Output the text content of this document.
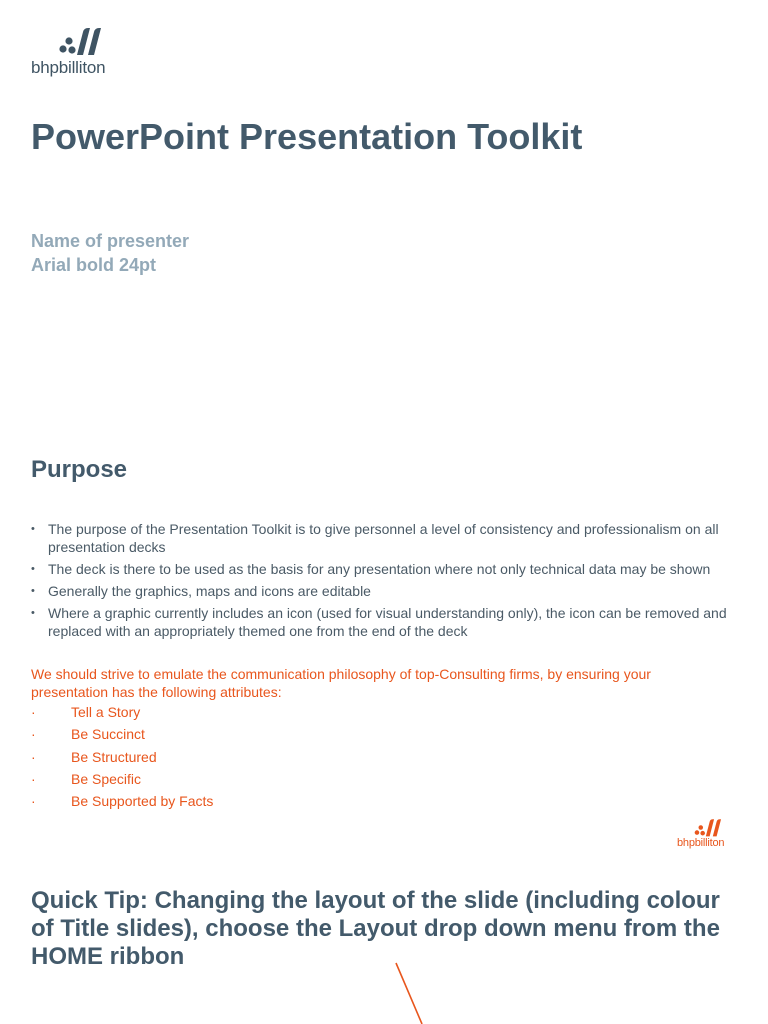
bhpbilliton
PowerPoint Presentation Toolkit
Name of presenter
Arial bold 24pt
Purpose
• The purpose of the Presentation Toolkit is to give personnel a level of consistency and professionalism on all presentation decks
• The deck is there to be used as the basis for any presentation where not only technical data may be shown
• Generally the graphics, maps and icons are editable
• Where a graphic currently includes an icon (used for visual understanding only), the icon can be removed and replaced with an appropriately themed one from the end of the deck
We should strive to emulate the communication philosophy of top-Consulting firms, by ensuring your presentation has the following attributes:
·	Tell a Story
·	Be Succinct
·	Be Structured
·	Be Specific
·	Be Supported by Facts
bhpbilliton
Quick Tip: Changing the layout of the slide (including colour of Title slides), choose the Layout drop down menu from the HOME ribbon
